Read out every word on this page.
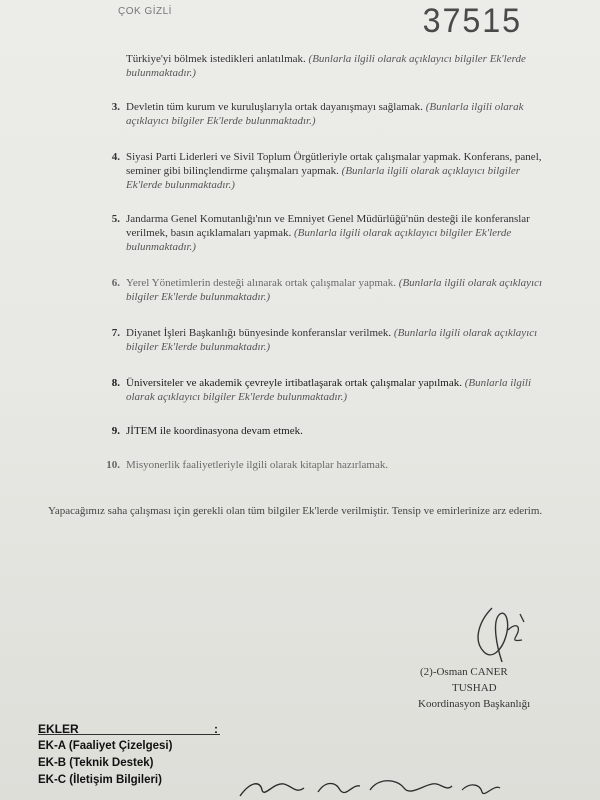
ÇOK GİZLİ	37515
Türkiye'yi bölmek istedikleri anlatılmak. (Bunlarla ilgili olarak açıklayıcı bilgiler Ek'lerde bulunmaktadır.)
3. Devletin tüm kurum ve kuruluşlarıyla ortak dayanışmayı sağlamak. (Bunlarla ilgili olarak açıklayıcı bilgiler Ek'lerde bulunmaktadır.)
4. Siyasi Parti Liderleri ve Sivil Toplum Örgütleriyle ortak çalışmalar yapmak. Konferans, panel, seminer gibi bilinçlendirme çalışmaları yapmak. (Bunlarla ilgili olarak açıklayıcı bilgiler Ek'lerde bulunmaktadır.)
5. Jandarma Genel Komutanlığı'nın ve Emniyet Genel Müdürlüğü'nün desteği ile konferanslar verilmek, basın açıklamaları yapmak. (Bunlarla ilgili olarak açıklayıcı bilgiler Ek'lerde bulunmaktadır.)
6. Yerel Yönetimlerin desteği alınarak ortak çalışmalar yapmak. (Bunlarla ilgili olarak açıklayıcı bilgiler Ek'lerde bulunmaktadır.)
7. Diyanet İşleri Başkanlığı bünyesinde konferanslar verilmek. (Bunlarla ilgili olarak açıklayıcı bilgiler Ek'lerde bulunmaktadır.)
8. Üniversiteler ve akademik çevreyle irtibatlaşarak ortak çalışmalar yapılmak. (Bunlarla ilgili olarak açıklayıcı bilgiler Ek'lerde bulunmaktadır.)
9. JİTEM ile koordinasyona devam etmek.
10. Misyonerlik faaliyetleriyle ilgili olarak kitaplar hazırlamak.
Yapacağımız saha çalışması için gerekli olan tüm bilgiler Ek'lerde verilmiştir. Tensip ve emirlerinize arz ederim.
(2)-Osman CANER
TUSHAD
Koordinasyon Başkanlığı
EKLER	:
EK-A (Faaliyet Çizelgesi)
EK-B (Teknik Destek)
EK-C (İletişim Bilgileri)
